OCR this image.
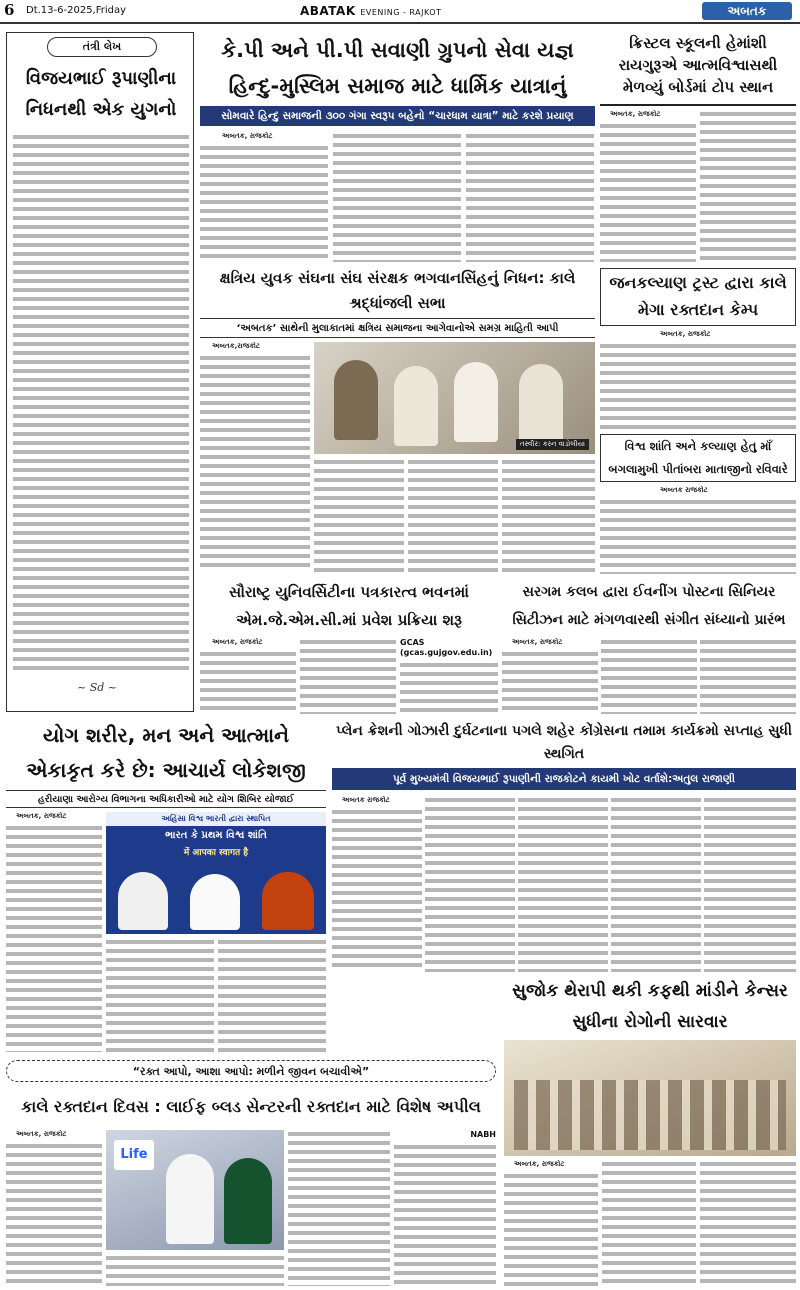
6 Dt.13-6-2025,Friday	ABATAK EVENING - RAJKOT	અબતક
તંત્રી લેખ
વિજયભાઈ રૂપાણીના નિધનથી એક યુગનો
~ Sd ~
કે.પી અને પી.પી સવાણી ગ્રુપનો સેવા યજ્ઞ
હિન્દુ-મુસ્લિમ સમાજ માટે ધાર્મિક યાત્રાનું
સોમવારે હિન્દુ સમાજની ૩૦૦ ગંગા સ્વરૂપ બહેનો “ચારધામ યાત્રા” માટે કરશે પ્રયાણ
અબતક, રાજકોટ
ક્રિસ્ટલ સ્કૂલની હેમાંશી રાયગુરૂએ આત્મવિશ્વાસથી મેળવ્યું બોર્ડમાં ટોપ સ્થાન
અબતક, રાજકોટ
ક્ષત્રિય યુવક સંઘના સંઘ સંરક્ષક ભગવાનસિંહનું નિધન: કાલે શ્રદ્ધાંજલી સભા
‘અબતક’ સાથેની મુલાકાતમાં ક્ષત્રિય સમાજના આગેવાનોએ સમગ્ર માહિતી આપી
અબતક,રાજકોટ
તસ્વીર: કરન વાડોલીયા
જનકલ્યાણ ટ્રસ્ટ દ્વારા કાલે મેગા રક્તદાન કેમ્પ
અબતક, રાજકોટ
વિશ્વ શાંતિ અને કલ્યાણ હેતુ માઁ બગલામુખી પીતાંબરા માતાજીનો રવિવારે
અબતક રાજકોટ
સૌરાષ્ટ્ર યુનિવર્સિટીના પત્રકારત્વ ભવનમાં એમ.જે.એમ.સી.માં પ્રવેશ પ્રક્રિયા શરૂ
અબતક, રાજકોટ	GCAS (gcas.gujgov.edu.in)
સરગમ કલબ દ્વારા ઈવનીંગ પોસ્ટના સિનિયર સિટીઝન માટે મંગળવારથી સંગીત સંધ્યાનો પ્રારંભ
અબતક, રાજકોટ
યોગ શરીર, મન અને આત્માને એકાકૃત કરે છે: આચાર્ય લોકેશજી
હરીયાણા આરોગ્ય વિભાગના અધિકારીઓ માટે યોગ શિબિર યોજાઈ
અબતક, રાજકોટ	અહિંસા વિશ્વ ભારતી દ્વારા સ્થાપિત
ભારત કે પ્રથમ વિશ્વ શાંતિ
में आपका स्वागत है
પ્લેન ક્રેશની ગોઝારી દુર્ઘટનાના પગલે શહેર કોંગ્રેસના તમામ કાર્યક્રમો સપ્તાહ સુધી સ્થગિત
પૂર્વ મુખ્યમંત્રી વિજયભાઈ રૂપાણીની રાજકોટને કાયમી ખોટ વર્તાશે:અતુલ રાજાણી
અબતક રાજકોટ
સુજોક થેરાપી થકી કફથી માંડીને કેન્સર સુધીના રોગોની સારવાર
અબતક, રાજકોટ
“રક્ત આપો, આશા આપો: મળીને જીવન બચાવીએ”
કાલે રક્તદાન દિવસ : લાઈફ બ્લડ સેન્ટરની રક્તદાન માટે વિશેષ અપીલ
અબતક, રાજકોટ
Life
NABH
